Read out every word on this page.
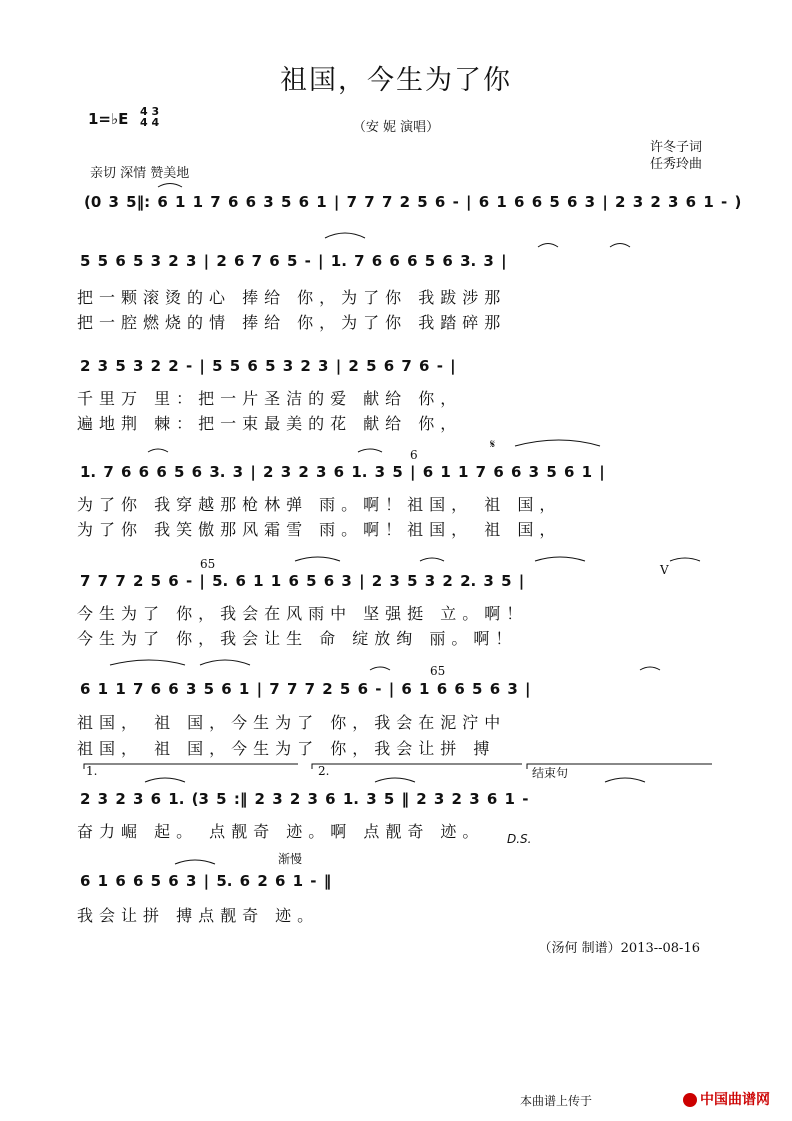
祖国，今生为了你
1=♭E 4 3
4 4	（安 妮 演唱）
许冬子词
任秀玲曲
亲切 深情 赞美地
(0 3 5‖: 6 1 1 7 6 6 3 5 6 1 | 7 7 7 2 5 6 - | 6 1 6 6 5 6 3 | 2 3 2 3 6 1 - )
5 5 6 5 3 2 3 | 2 6 7 6 5 - | 1. 7 6 6 6 5 6 3. 3 |
把一颗滚烫的心 捧给 你，为了你 我跋涉那
把一腔燃烧的情 捧给 你，为了你 我踏碎那
2 3 5 3 2 2 - | 5 5 6 5 3 2 3 | 2 5 6 7 6 - |
千里万 里：把一片圣洁的爱 献给 你，
遍地荆 棘：把一束最美的花 献给 你，
6
𝄋
1. 7 6 6 6 5 6 3. 3 | 2 3 2 3 6 1. 3 5 | 6 1 1 7 6 6 3 5 6 1 |
为了你 我穿越那枪林弹 雨。啊！祖国， 祖 国，
为了你 我笑傲那风霜雪 雨。啊！祖国， 祖 国，
65	V
7 7 7 2 5 6 - | 5. 6 1 1 6 5 6 3 | 2 3 5 3 2 2. 3 5 |
今生为了 你，我会在风雨中 坚强挺 立。啊！
今生为了 你，我会让生 命 绽放绚 丽。啊！
65
6 1 1 7 6 6 3 5 6 1 | 7 7 7 2 5 6 - | 6 1 6 6 5 6 3 |
祖国， 祖 国，今生为了 你，我会在泥泞中
祖国， 祖 国，今生为了 你，我会让拼 搏
1.	2.	结束句
2 3 2 3 6 1. (3 5 :‖ 2 3 2 3 6 1. 3 5 ‖ 2 3 2 3 6 1 -
奋力崛 起。 点靓奇 迹。啊 点靓奇 迹。 D.S.
渐慢
6 1 6 6 5 6 3 | 5. 6 2 6 1 - ‖
我会让拼 搏点靓奇 迹。
（汤何 制谱）2013--08-16
本曲谱上传于	中国曲谱网
